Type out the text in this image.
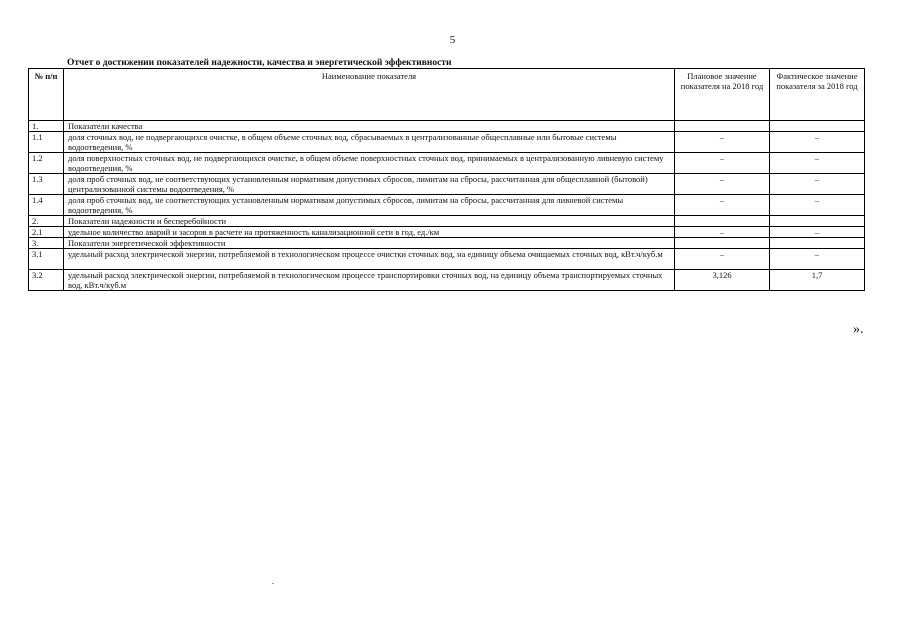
5
Отчет о достижении показателей надежности, качества и энергетической эффективности
№ п/п	Наименование показателя	Плановое значение показателя на 2018 год	Фактическое значение показателя за 2018 год
1.	Показатели качества		
1.1	доля сточных вод, не подвергающихся очистке, в общем объеме сточных вод, сбрасываемых в централизованные общесплавные или бытовые системы водоотведения, %	–	–
1.2	доля поверхностных сточных вод, не подвергающихся очистке, в общем объеме поверхностных сточных вод, принимаемых в централизованную ливневую систему водоотведения, %	–	–
1.3	доля проб сточных вод, не соответствующих установленным нормативам допустимых сбросов, лимитам на сбросы, рассчитанная для общесплавной (бытовой) централизованной системы водоотведения, %	–	–
1.4	доля проб сточных вод, не соответствующих установленным нормативам допустимых сбросов, лимитам на сбросы, рассчитанная для ливневой системы водоотведения, %	–	–
2.	Показатели надежности и бесперебойности		
2.1	удельное количество аварий и засоров в расчете на протяженность канализационной сети в год, ед./км	–	–
3.	Показатели энергетической эффективности		
3.1	удельный расход электрической энергии, потребляемой в технологическом процессе очистки сточных вод, на единицу объема очищаемых сточных вод, кВт.ч/куб.м	–	–
3.2	удельный расход электрической энергии, потребляемой в технологическом процессе транспортировки сточных вод, на единицу объема транспортируемых сточных вод, кВт.ч/куб.м	3,126	1,7
».
